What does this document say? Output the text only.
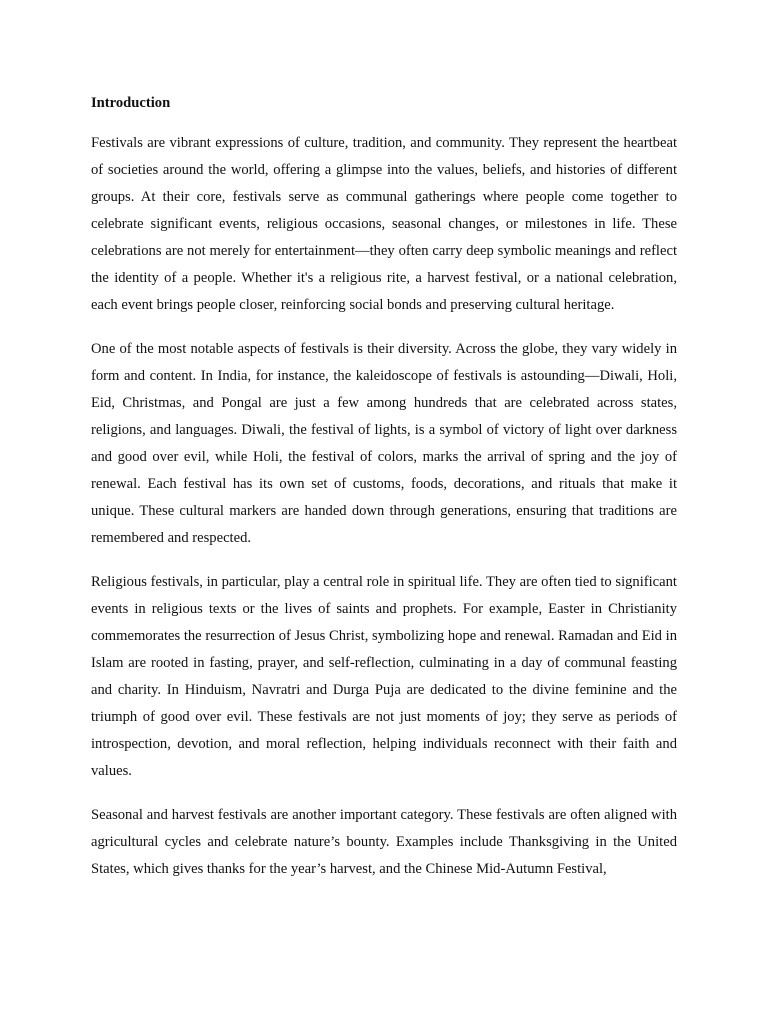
Introduction

Festivals are vibrant expressions of culture, tradition, and community. They represent the heartbeat of societies around the world, offering a glimpse into the values, beliefs, and histories of different groups. At their core, festivals serve as communal gatherings where people come together to celebrate significant events, religious occasions, seasonal changes, or milestones in life. These celebrations are not merely for entertainment—they often carry deep symbolic meanings and reflect the identity of a people. Whether it's a religious rite, a harvest festival, or a national celebration, each event brings people closer, reinforcing social bonds and preserving cultural heritage.

One of the most notable aspects of festivals is their diversity. Across the globe, they vary widely in form and content. In India, for instance, the kaleidoscope of festivals is astounding—Diwali, Holi, Eid, Christmas, and Pongal are just a few among hundreds that are celebrated across states, religions, and languages. Diwali, the festival of lights, is a symbol of victory of light over darkness and good over evil, while Holi, the festival of colors, marks the arrival of spring and the joy of renewal. Each festival has its own set of customs, foods, decorations, and rituals that make it unique. These cultural markers are handed down through generations, ensuring that traditions are remembered and respected.

Religious festivals, in particular, play a central role in spiritual life. They are often tied to significant events in religious texts or the lives of saints and prophets. For example, Easter in Christianity commemorates the resurrection of Jesus Christ, symbolizing hope and renewal. Ramadan and Eid in Islam are rooted in fasting, prayer, and self-reflection, culminating in a day of communal feasting and charity. In Hinduism, Navratri and Durga Puja are dedicated to the divine feminine and the triumph of good over evil. These festivals are not just moments of joy; they serve as periods of introspection, devotion, and moral reflection, helping individuals reconnect with their faith and values.

Seasonal and harvest festivals are another important category. These festivals are often aligned with agricultural cycles and celebrate nature’s bounty. Examples include Thanksgiving in the United States, which gives thanks for the year’s harvest, and the Chinese Mid-Autumn Festival,
